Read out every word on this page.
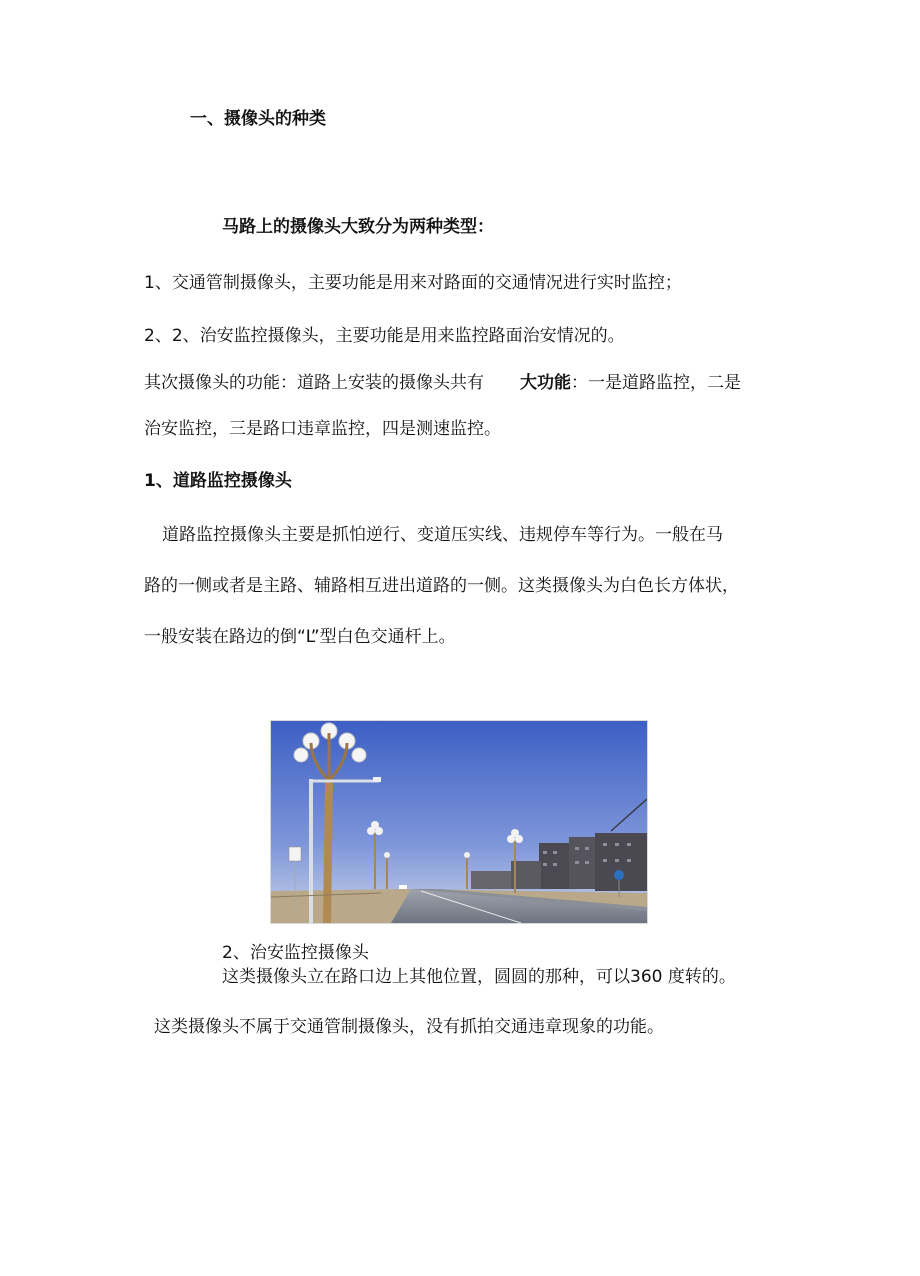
一、摄像头的种类
马路上的摄像头大致分为两种类型：
1、交通管制摄像头，主要功能是用来对路面的交通情况进行实时监控；
2、2、治安监控摄像头，主要功能是用来监控路面治安情况的。
其次摄像头的功能：道路上安装的摄像头共有 大功能：一是道路监控，二是
治安监控，三是路口违章监控，四是测速监控。
1、道路监控摄像头
道路监控摄像头主要是抓怕逆行、变道压实线、违规停车等行为。一般在马
路的一侧或者是主路、辅路相互进出道路的一侧。这类摄像头为白色长方体状，
一般安装在路边的倒“L”型白色交通杆上。
2、治安监控摄像头
这类摄像头立在路口边上其他位置，圆圆的那种，可以360 度转的。
这类摄像头不属于交通管制摄像头，没有抓拍交通违章现象的功能。
